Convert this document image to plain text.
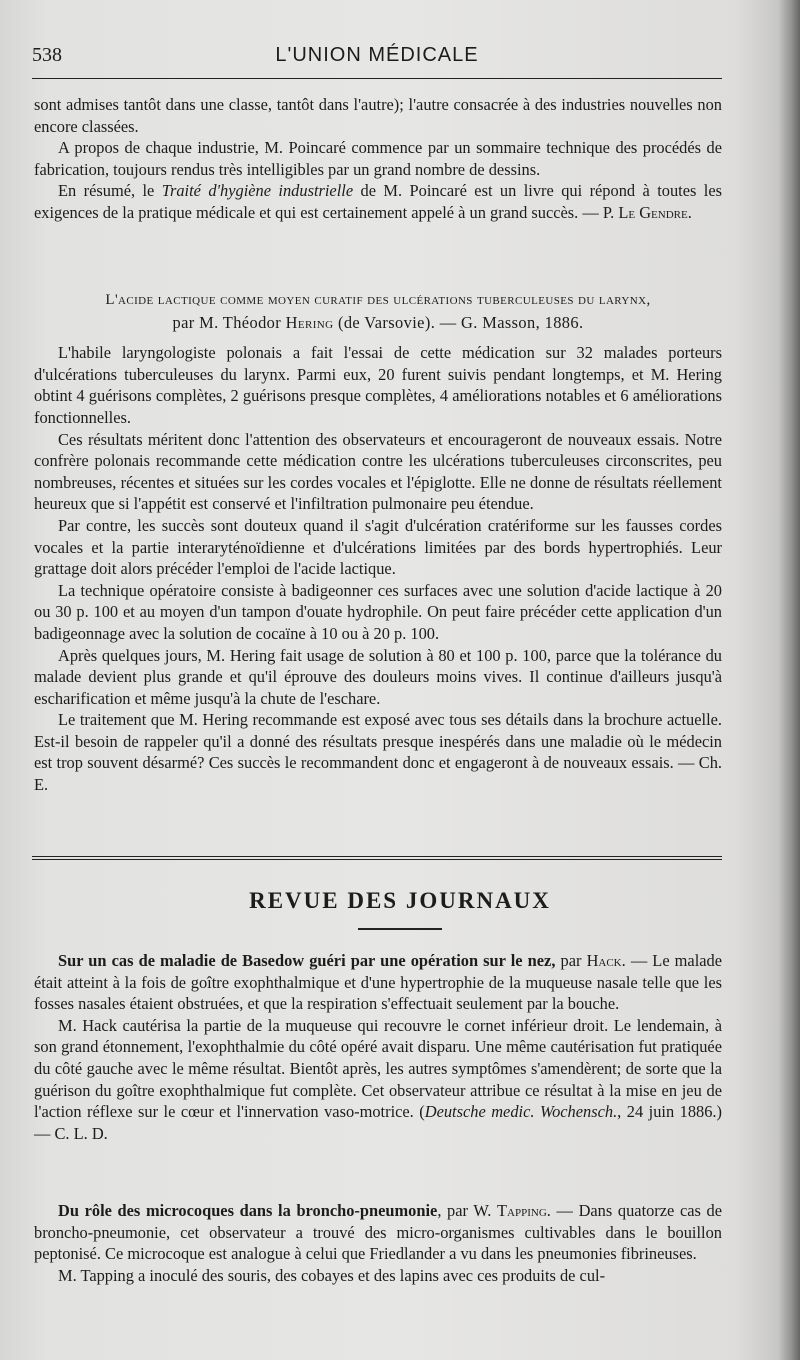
538	L'UNION MÉDICALE

sont admises tantôt dans une classe, tantôt dans l'autre); l'autre consacrée à des industries nouvelles non encore classées.

A propos de chaque industrie, M. Poincaré commence par un sommaire technique des procédés de fabrication, toujours rendus très intelligibles par un grand nombre de dessins.

En résumé, le Traité d'hygiène industrielle de M. Poincaré est un livre qui répond à toutes les exigences de la pratique médicale et qui est certainement appelé à un grand succès. — P. Le Gendre.

L'acide lactique comme moyen curatif des ulcérations tuberculeuses du larynx,
par M. Théodor Hering (de Varsovie). — G. Masson, 1886.

L'habile laryngologiste polonais a fait l'essai de cette médication sur 32 malades porteurs d'ulcérations tuberculeuses du larynx. Parmi eux, 20 furent suivis pendant longtemps, et M. Hering obtint 4 guérisons complètes, 2 guérisons presque complètes, 4 améliorations notables et 6 améliorations fonctionnelles.

Ces résultats méritent donc l'attention des observateurs et encourageront de nouveaux essais. Notre confrère polonais recommande cette médication contre les ulcérations tuberculeuses circonscrites, peu nombreuses, récentes et situées sur les cordes vocales et l'épiglotte. Elle ne donne de résultats réellement heureux que si l'appétit est conservé et l'infiltration pulmonaire peu étendue.

Par contre, les succès sont douteux quand il s'agit d'ulcération cratériforme sur les fausses cordes vocales et la partie interaryténoïdienne et d'ulcérations limitées par des bords hypertrophiés. Leur grattage doit alors précéder l'emploi de l'acide lactique.

La technique opératoire consiste à badigeonner ces surfaces avec une solution d'acide lactique à 20 ou 30 p. 100 et au moyen d'un tampon d'ouate hydrophile. On peut faire précéder cette application d'un badigeonnage avec la solution de cocaïne à 10 ou à 20 p. 100.

Après quelques jours, M. Hering fait usage de solution à 80 et 100 p. 100, parce que la tolérance du malade devient plus grande et qu'il éprouve des douleurs moins vives. Il continue d'ailleurs jusqu'à escharification et même jusqu'à la chute de l'eschare.

Le traitement que M. Hering recommande est exposé avec tous ses détails dans la brochure actuelle. Est-il besoin de rappeler qu'il a donné des résultats presque inespérés dans une maladie où le médecin est trop souvent désarmé? Ces succès le recommandent donc et engageront à de nouveaux essais. — Ch. E.

REVUE DES JOURNAUX

Sur un cas de maladie de Basedow guéri par une opération sur le nez, par Hack. — Le malade était atteint à la fois de goître exophthalmique et d'une hypertrophie de la muqueuse nasale telle que les fosses nasales étaient obstruées, et que la respiration s'effectuait seulement par la bouche.

M. Hack cautérisa la partie de la muqueuse qui recouvre le cornet inférieur droit. Le lendemain, à son grand étonnement, l'exophthalmie du côté opéré avait disparu. Une même cautérisation fut pratiquée du côté gauche avec le même résultat. Bientôt après, les autres symptômes s'amendèrent; de sorte que la guérison du goître exophthalmique fut complète. Cet observateur attribue ce résultat à la mise en jeu de l'action réflexe sur le cœur et l'innervation vaso-motrice. (Deutsche medic. Wochensch., 24 juin 1886.) — C. L. D.

Du rôle des microcoques dans la broncho-pneumonie, par W. Tapping. — Dans quatorze cas de broncho-pneumonie, cet observateur a trouvé des micro-organismes cultivables dans le bouillon peptonisé. Ce microcoque est analogue à celui que Friedlander a vu dans les pneumonies fibrineuses.

M. Tapping a inoculé des souris, des cobayes et des lapins avec ces produits de cul-
